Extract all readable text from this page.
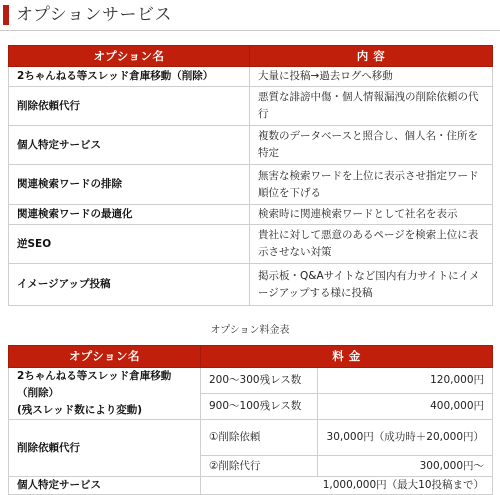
オプションサービス
オプション名	内 容
2ちゃんねる等スレッド倉庫移動（削除）	大量に投稿→過去ログへ移動
削除依頼代行	悪質な誹謗中傷・個人情報漏洩の削除依頼の代行
個人特定サービス	複数のデータベースと照合し、個人名・住所を特定
関連検索ワードの排除	無害な検索ワードを上位に表示させ指定ワード順位を下げる
関連検索ワードの最適化	検索時に関連検索ワードとして社名を表示
逆SEO	貴社に対して悪意のあるページを検索上位に表示させない対策
イメージアップ投稿	掲示板・Q&Aサイトなど国内有力サイトにイメージアップする様に投稿
オプション料金表
オプション名	料 金	
2ちゃんねる等スレッド倉庫移動（削除）
(残スレッド数により変動)	200〜300残レス数	120,000円
	900〜100残レス数	400,000円
削除依頼代行	①削除依頼	30,000円（成功時＋20,000円）
	②削除代行	300,000円〜
個人特定サービス	1,000,000円（最大10投稿まで）	
